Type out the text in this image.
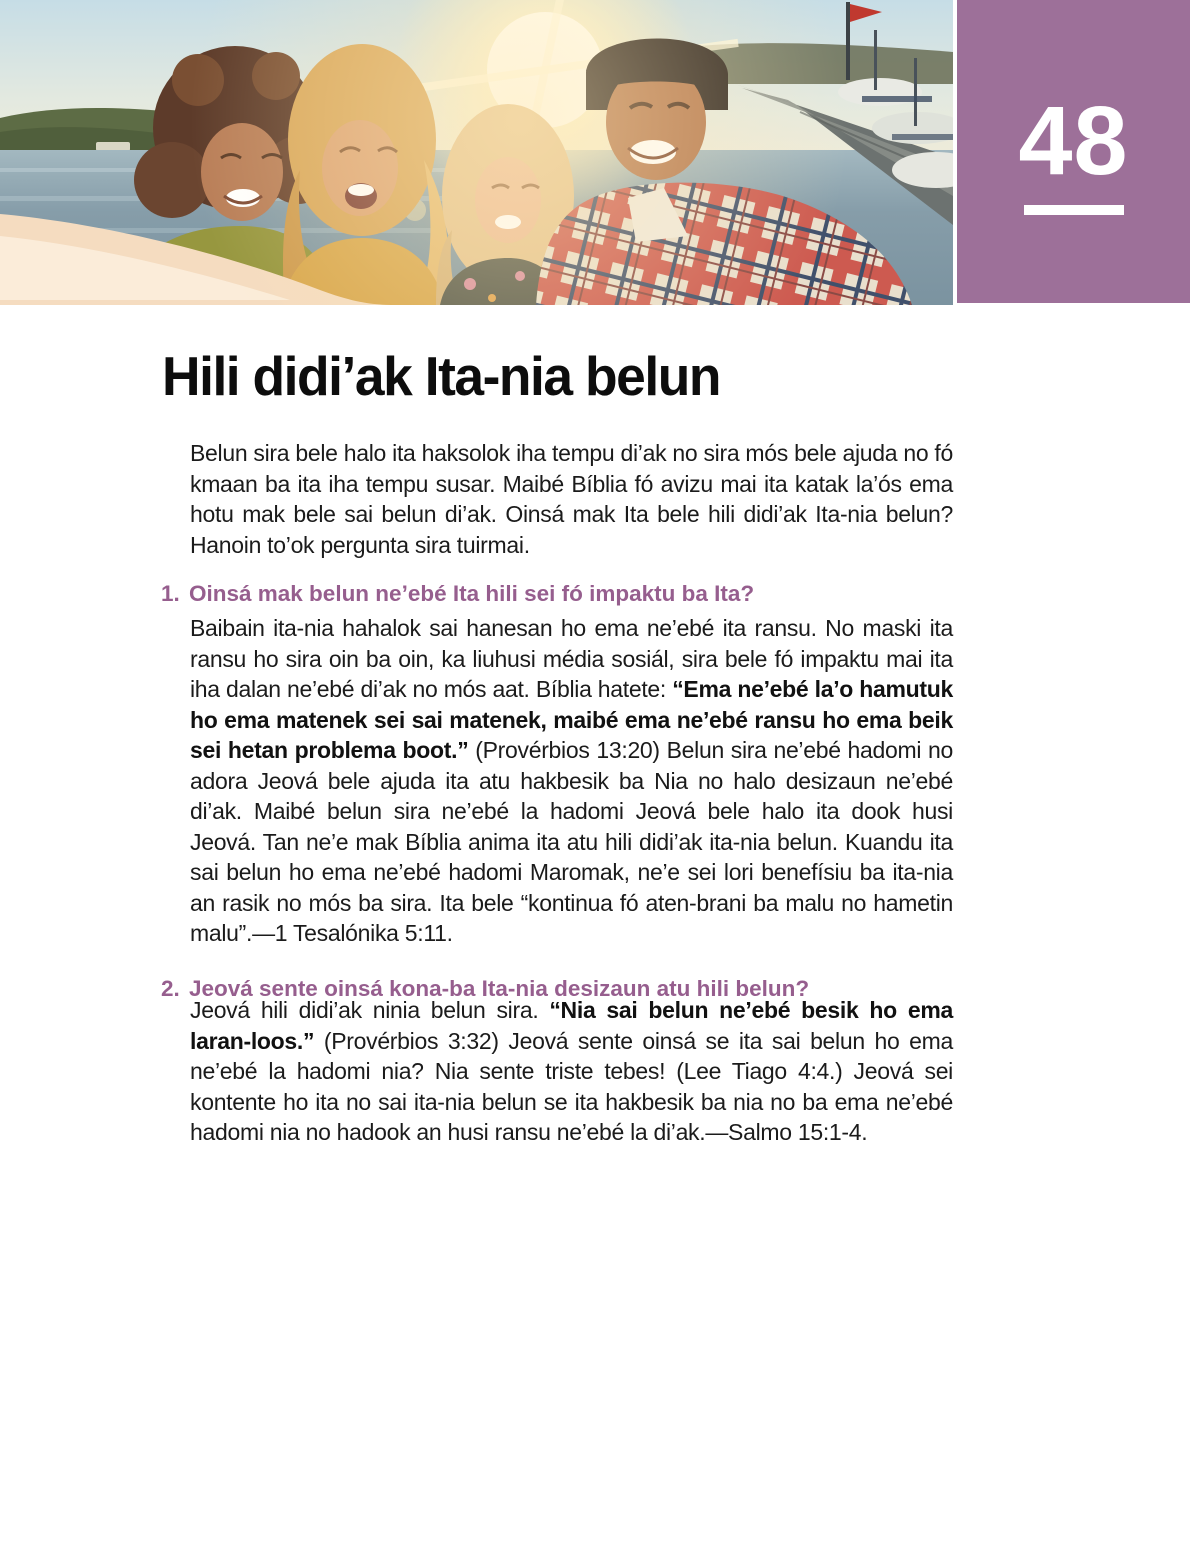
48
Hili didi’ak Ita-nia belun

Belun sira bele halo ita haksolok iha tempu di’ak no sira mós bele ajuda no fó kmaan ba ita iha tempu susar. Maibé Bíblia fó avizu mai ita katak la’ós ema hotu mak bele sai belun di’ak. Oinsá mak Ita bele hili didi’ak Ita-nia belun? Hanoin to’ok pergunta sira tuirmai.

1. Oinsá mak belun ne’ebé Ita hili sei fó impaktu ba Ita?

Baibain ita-nia hahalok sai hanesan ho ema ne’ebé ita ransu. No maski ita ransu ho sira oin ba oin, ka liuhusi média sosiál, sira bele fó impaktu mai ita iha dalan ne’ebé di’ak no mós aat. Bíblia hatete: “Ema ne’ebé la’o hamutuk ho ema matenek sei sai matenek, maibé ema ne’ebé ransu ho ema beik sei hetan problema boot.” (Provérbios 13:20) Belun sira ne’ebé hadomi no adora Jeová bele ajuda ita atu hakbesik ba Nia no halo desizaun ne’ebé di’ak. Maibé belun sira ne’ebé la hadomi Jeová bele halo ita dook husi Jeová. Tan ne’e mak Bíblia anima ita atu hili didi’ak ita-nia belun. Kuandu ita sai belun ho ema ne’ebé hadomi Maromak, ne’e sei lori benefísiu ba ita-nia an rasik no mós ba sira. Ita bele “kontinua fó aten-brani ba malu no hametin malu”.—1 Tesalónika 5:11.

2. Jeová sente oinsá kona-ba Ita-nia desizaun atu hili belun?

Jeová hili didi’ak ninia belun sira. “Nia sai belun ne’ebé besik ho ema laran-loos.” (Provérbios 3:32) Jeová sente oinsá se ita sai belun ho ema ne’ebé la hadomi nia? Nia sente triste tebes! (Lee Tiago 4:4.) Jeová sei kontente ho ita no sai ita-nia belun se ita hakbesik ba nia no ba ema ne’ebé hadomi nia no hadook an husi ransu ne’ebé la di’ak.—Salmo 15:1-4.
